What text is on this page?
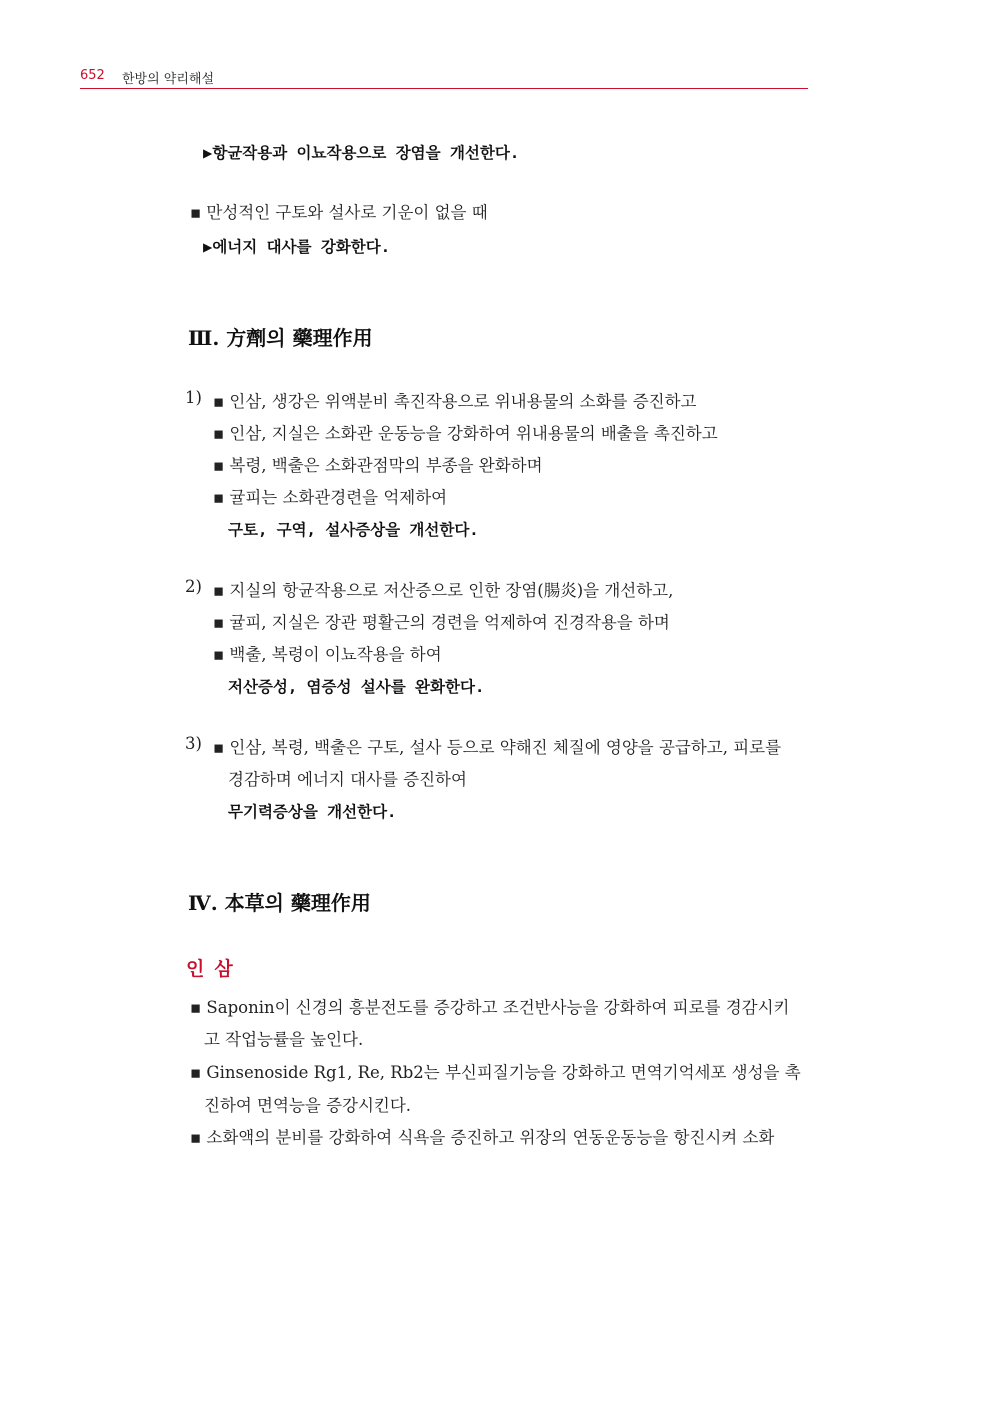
652 한방의 약리해설
▶항균작용과 이뇨작용으로 장염을 개선한다.
▪ 만성적인 구토와 설사로 기운이 없을 때
▶에너지 대사를 강화한다.
Ⅲ. 方劑의 藥理作用
1) ▪ 인삼, 생강은 위액분비 촉진작용으로 위내용물의 소화를 증진하고
▪ 인삼, 지실은 소화관 운동능을 강화하여 위내용물의 배출을 촉진하고
▪ 복령, 백출은 소화관점막의 부종을 완화하며
▪ 귤피는 소화관경련을 억제하여
구토, 구역, 설사증상을 개선한다.
2) ▪ 지실의 항균작용으로 저산증으로 인한 장염(腸炎)을 개선하고,
▪ 귤피, 지실은 장관 평활근의 경련을 억제하여 진경작용을 하며
▪ 백출, 복령이 이뇨작용을 하여
저산증성, 염증성 설사를 완화한다.
3) ▪ 인삼, 복령, 백출은 구토, 설사 등으로 약해진 체질에 영양을 공급하고, 피로를
경감하며 에너지 대사를 증진하여
무기력증상을 개선한다.
Ⅳ. 本草의 藥理作用
인삼
▪ Saponin이 신경의 흥분전도를 증강하고 조건반사능을 강화하여 피로를 경감시키
고 작업능률을 높인다.
▪ Ginsenoside Rg1, Re, Rb2는 부신피질기능을 강화하고 면역기억세포 생성을 촉
진하여 면역능을 증강시킨다.
▪ 소화액의 분비를 강화하여 식욕을 증진하고 위장의 연동운동능을 항진시켜 소화
